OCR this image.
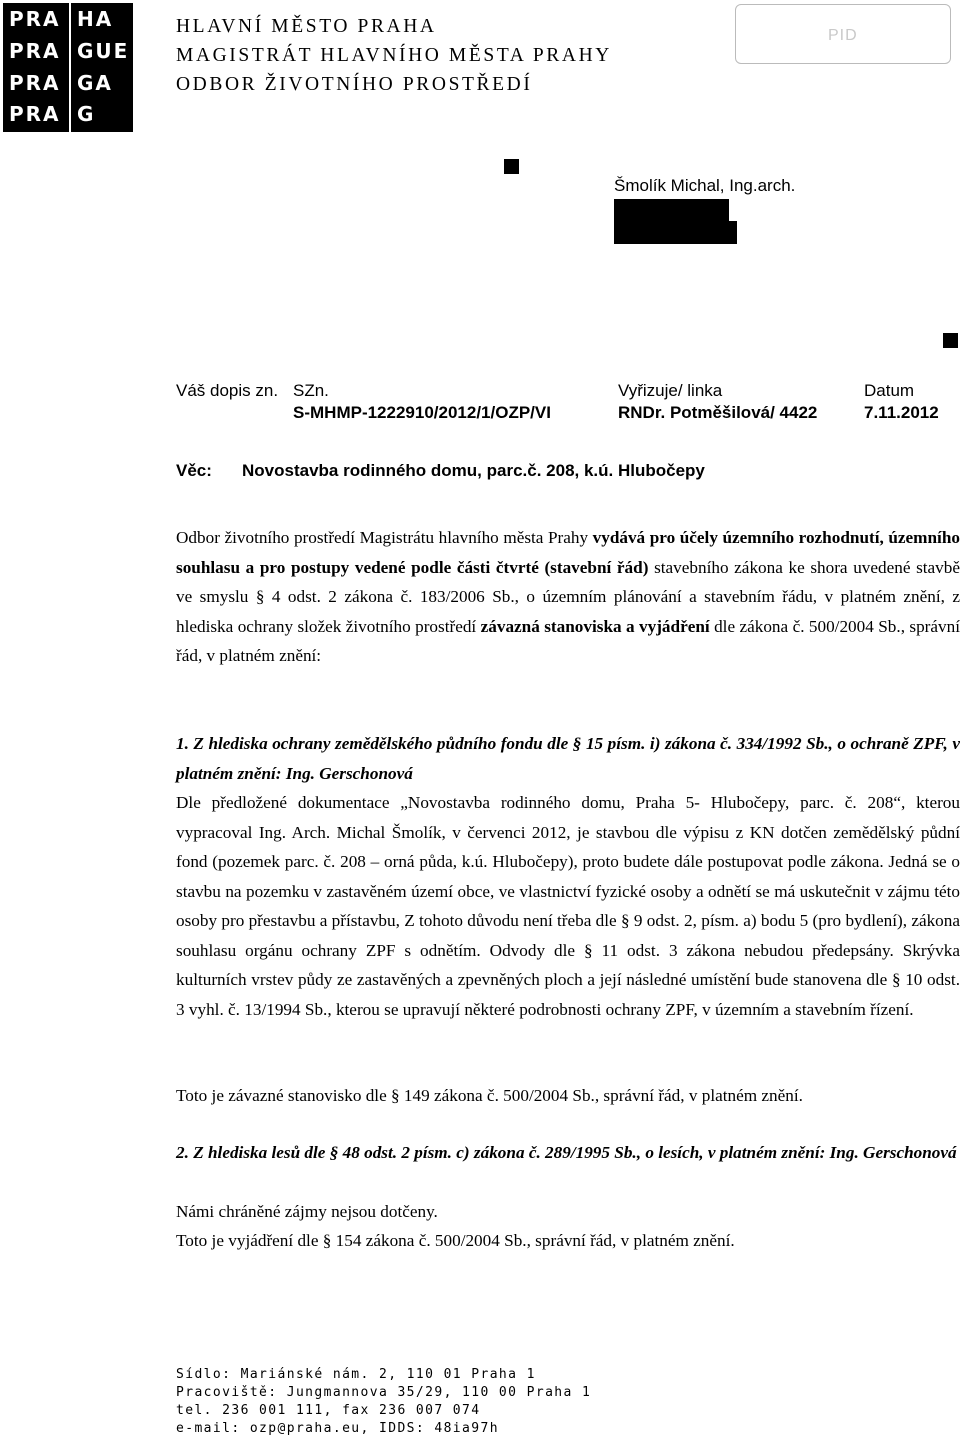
PRA HA
PRA GUE
PRA GA
PRA G
HLAVNÍ MĚSTO PRAHA
MAGISTRÁT HLAVNÍHO MĚSTA PRAHY
ODBOR ŽIVOTNÍHO PROSTŘEDÍ
PID
Šmolík Michal, Ing.arch.
Váš dopis zn. SZn.
S-MHMP-1222910/2012/1/OZP/VI
Vyřizuje/ linka
RNDr. Potměšilová/ 4422
Datum
7.11.2012
Věc: Novostavba rodinného domu, parc.č. 208, k.ú. Hlubočepy
Odbor životního prostředí Magistrátu hlavního města Prahy vydává pro účely územního rozhodnutí, územního souhlasu a pro postupy vedené podle části čtvrté (stavební řád) stavebního zákona ke shora uvedené stavbě ve smyslu § 4 odst. 2 zákona č. 183/2006 Sb., o územním plánování a stavebním řádu, v platném znění, z hlediska ochrany složek životního prostředí závazná stanoviska a vyjádření dle zákona č. 500/2004 Sb., správní řád, v platném znění:
1. Z hlediska ochrany zemědělského půdního fondu dle § 15 písm. i) zákona č. 334/1992 Sb., o ochraně ZPF, v platném znění: Ing. Gerschonová
Dle předložené dokumentace „Novostavba rodinného domu, Praha 5- Hlubočepy, parc. č. 208“, kterou vypracoval Ing. Arch. Michal Šmolík, v červenci 2012, je stavbou dle výpisu z KN dotčen zemědělský půdní fond (pozemek parc. č. 208 – orná půda, k.ú. Hlubočepy), proto budete dále postupovat podle zákona. Jedná se o stavbu na pozemku v zastavěném území obce, ve vlastnictví fyzické osoby a odnětí se má uskutečnit v zájmu této osoby pro přestavbu a přístavbu, Z tohoto důvodu není třeba dle § 9 odst. 2, písm. a) bodu 5 (pro bydlení), zákona souhlasu orgánu ochrany ZPF s odnětím. Odvody dle § 11 odst. 3 zákona nebudou předepsány. Skrývka kulturních vrstev půdy ze zastavěných a zpevněných ploch a její následné umístění bude stanovena dle § 10 odst. 3 vyhl. č. 13/1994 Sb., kterou se upravují některé podrobnosti ochrany ZPF, v územním a stavebním řízení.
Toto je závazné stanovisko dle § 149 zákona č. 500/2004 Sb., správní řád, v platném znění.
2. Z hlediska lesů dle § 48 odst. 2 písm. c) zákona č. 289/1995 Sb., o lesích, v platném znění: Ing. Gerschonová
Námi chráněné zájmy nejsou dotčeny.
Toto je vyjádření dle § 154 zákona č. 500/2004 Sb., správní řád, v platném znění.
Sídlo: Mariánské nám. 2, 110 01 Praha 1
Pracoviště: Jungmannova 35/29, 110 00 Praha 1
tel. 236 001 111, fax 236 007 074
e-mail: ozp@praha.eu, IDDS: 48ia97h
